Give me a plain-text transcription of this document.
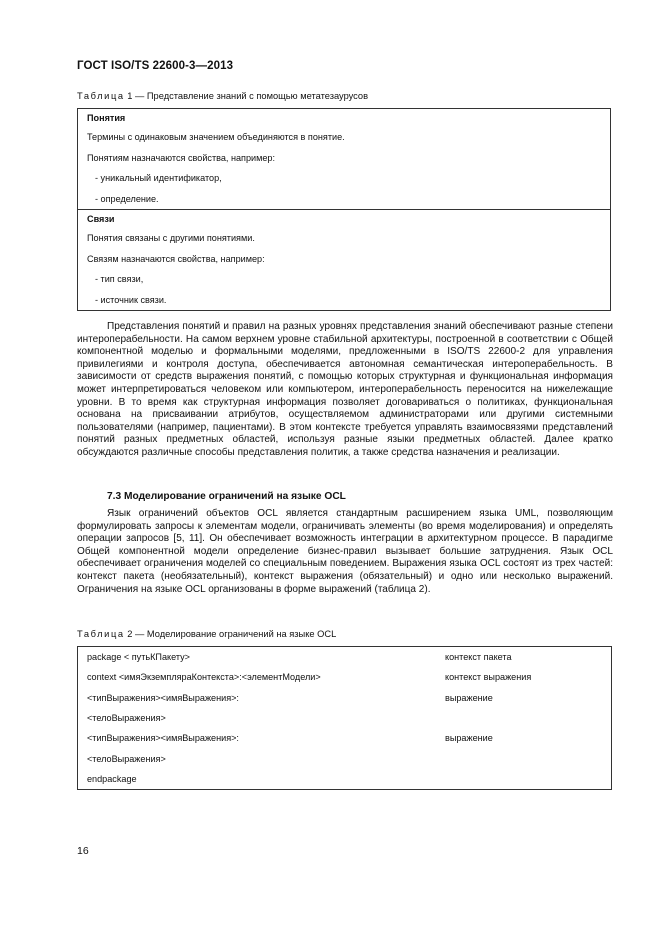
ГОСТ ISO/TS 22600-3—2013
Таблица 1 — Представление знаний с помощью метатезаурусов
Понятия
Термины с одинаковым значением объединяются в понятие.
Понятиям назначаются свойства, например:
- уникальный идентификатор,
- определение.
Связи
Понятия связаны с другими понятиями.
Связям назначаются свойства, например:
- тип связи,
- источник связи.

Представления понятий и правил на разных уровнях представления знаний обеспечивают разные степени интероперабельности. На самом верхнем уровне стабильной архитектуры, построенной в соответствии с Общей компонентной моделью и формальными моделями, предложенными в ISO/TS 22600-2 для управления привилегиями и контроля доступа, обеспечивается автономная семантическая интероперабельность. В зависимости от средств выражения понятий, с помощью которых структурная и функциональная информация может интерпретироваться человеком или компьютером, интероперабельность переносится на нижележащие уровни. В то время как структурная информация позволяет договариваться о политиках, функциональная основана на присваивании атрибутов, осуществляемом администраторами или другими системными пользователями (например, пациентами). В этом контексте требуется управлять взаимосвязями представлений понятий разных предметных областей, используя разные языки предметных областей. Далее кратко обсуждаются различные способы представления политик, а также средства назначения и реализации.

7.3 Моделирование ограничений на языке OCL

Язык ограничений объектов OCL является стандартным расширением языка UML, позволяющим формулировать запросы к элементам модели, ограничивать элементы (во время моделирования) и определять операции запросов [5, 11]. Он обеспечивает возможность интеграции в архитектурном процессе. В парадигме Общей компонентной модели определение бизнес-правил вызывает большие затруднения. Язык OCL обеспечивает ограничения моделей со специальным поведением. Выражения языка OCL состоят из трех частей: контекст пакета (необязательный), контекст выражения (обязательный) и одно или несколько выражений. Ограничения на языке OCL организованы в форме выражений (таблица 2).

Таблица 2 — Моделирование ограничений на языке OCL
package < путьКПакету>	контекст пакета
context <имяЭкземпляраКонтекста>:<элементМодели>	контекст выражения
<типВыражения><имяВыражения>:	выражение
<телоВыражения>	
<типВыражения><имяВыражения>:	выражение
<телоВыражения>	
endpackage	
16
